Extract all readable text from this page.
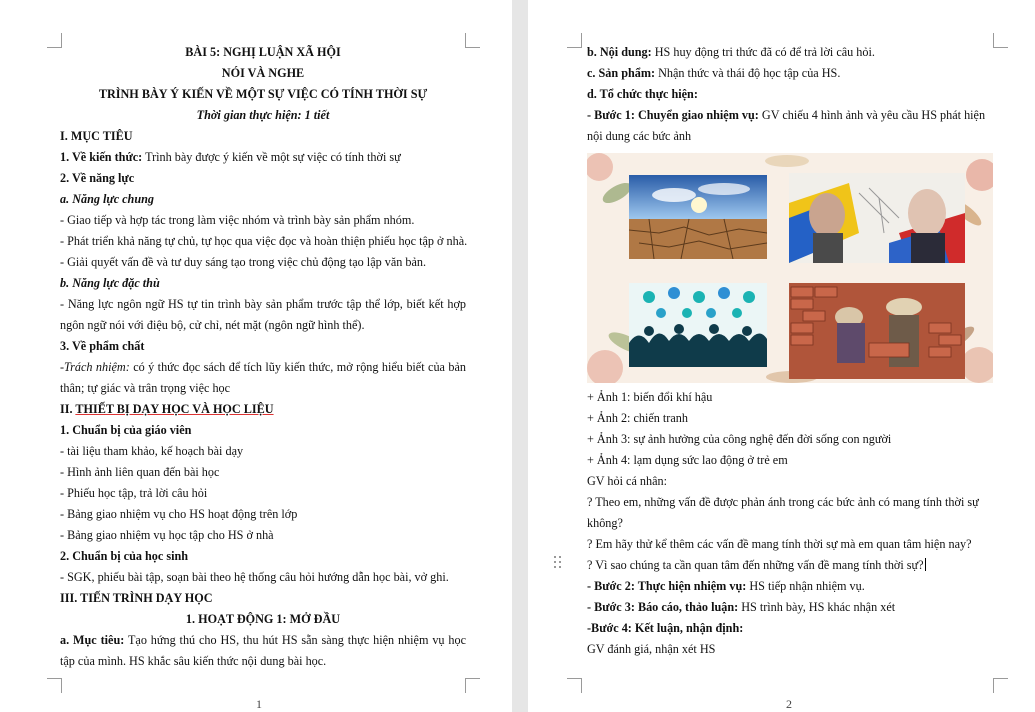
BÀI 5: NGHỊ LUẬN XÃ HỘI
NÓI VÀ NGHE
TRÌNH BÀY Ý KIẾN VỀ MỘT SỰ VIỆC CÓ TÍNH THỜI SỰ
Thời gian thực hiện: 1 tiết
I. MỤC TIÊU
1. Về kiến thức: Trình bày được ý kiến về một sự việc có tính thời sự
2. Về năng lực
a. Năng lực chung
- Giao tiếp và hợp tác trong làm việc nhóm và trình bày sản phẩm nhóm.
- Phát triển khả năng tự chủ, tự học qua việc đọc và hoàn thiện phiếu học tập ở nhà.
- Giải quyết vấn đề và tư duy sáng tạo trong việc chủ động tạo lập văn bản.
b. Năng lực đặc thù
- Năng lực ngôn ngữ HS tự tin trình bày sản phẩm trước tập thể lớp, biết kết hợp ngôn ngữ nói với điệu bộ, cử chỉ, nét mặt (ngôn ngữ hình thể).
3. Về phẩm chất
-Trách nhiệm: có ý thức đọc sách để tích lũy kiến thức, mở rộng hiểu biết của bản thân; tự giác và trân trọng việc học
II. THIẾT BỊ DẠY HỌC VÀ HỌC LIỆU
1. Chuẩn bị của giáo viên
- tài liệu tham khảo, kế hoạch bài dạy
- Hình ảnh liên quan đến bài học
- Phiếu học tập, trả lời câu hỏi
- Bảng giao nhiệm vụ cho HS hoạt động trên lớp
- Bảng giao nhiệm vụ học tập cho HS ở nhà
2. Chuẩn bị của học sinh
- SGK, phiếu bài tập, soạn bài theo hệ thống câu hỏi hướng dẫn học bài, vở ghi.
III. TIẾN TRÌNH DẠY HỌC
1. HOẠT ĐỘNG 1: MỞ ĐẦU
a. Mục tiêu: Tạo hứng thú cho HS, thu hút HS sẵn sàng thực hiện nhiệm vụ học tập của mình. HS khắc sâu kiến thức nội dung bài học.
1
b. Nội dung: HS huy động tri thức đã có để trả lời câu hỏi.
c. Sản phẩm: Nhận thức và thái độ học tập của HS.
d. Tổ chức thực hiện:
- Bước 1: Chuyển giao nhiệm vụ: GV chiếu 4 hình ảnh và yêu cầu HS phát hiện nội dung các bức ảnh
+ Ảnh 1: biến đổi khí hậu
+ Ảnh 2: chiến tranh
+ Ảnh 3: sự ảnh hưởng của công nghệ đến đời sống con người
+ Ảnh 4: lạm dụng sức lao động ở trẻ em
GV hỏi cá nhân:
? Theo em, những vấn đề được phản ánh trong các bức ảnh có mang tính thời sự không?
? Em hãy thử kể thêm các vấn đề mang tính thời sự mà em quan tâm hiện nay?
? Vì sao chúng ta cần quan tâm đến những vấn đề mang tính thời sự?
- Bước 2: Thực hiện nhiệm vụ: HS tiếp nhận nhiệm vụ.
- Bước 3: Báo cáo, thảo luận: HS trình bày, HS khác nhận xét
-Bước 4: Kết luận, nhận định:
GV đánh giá, nhận xét HS
2
